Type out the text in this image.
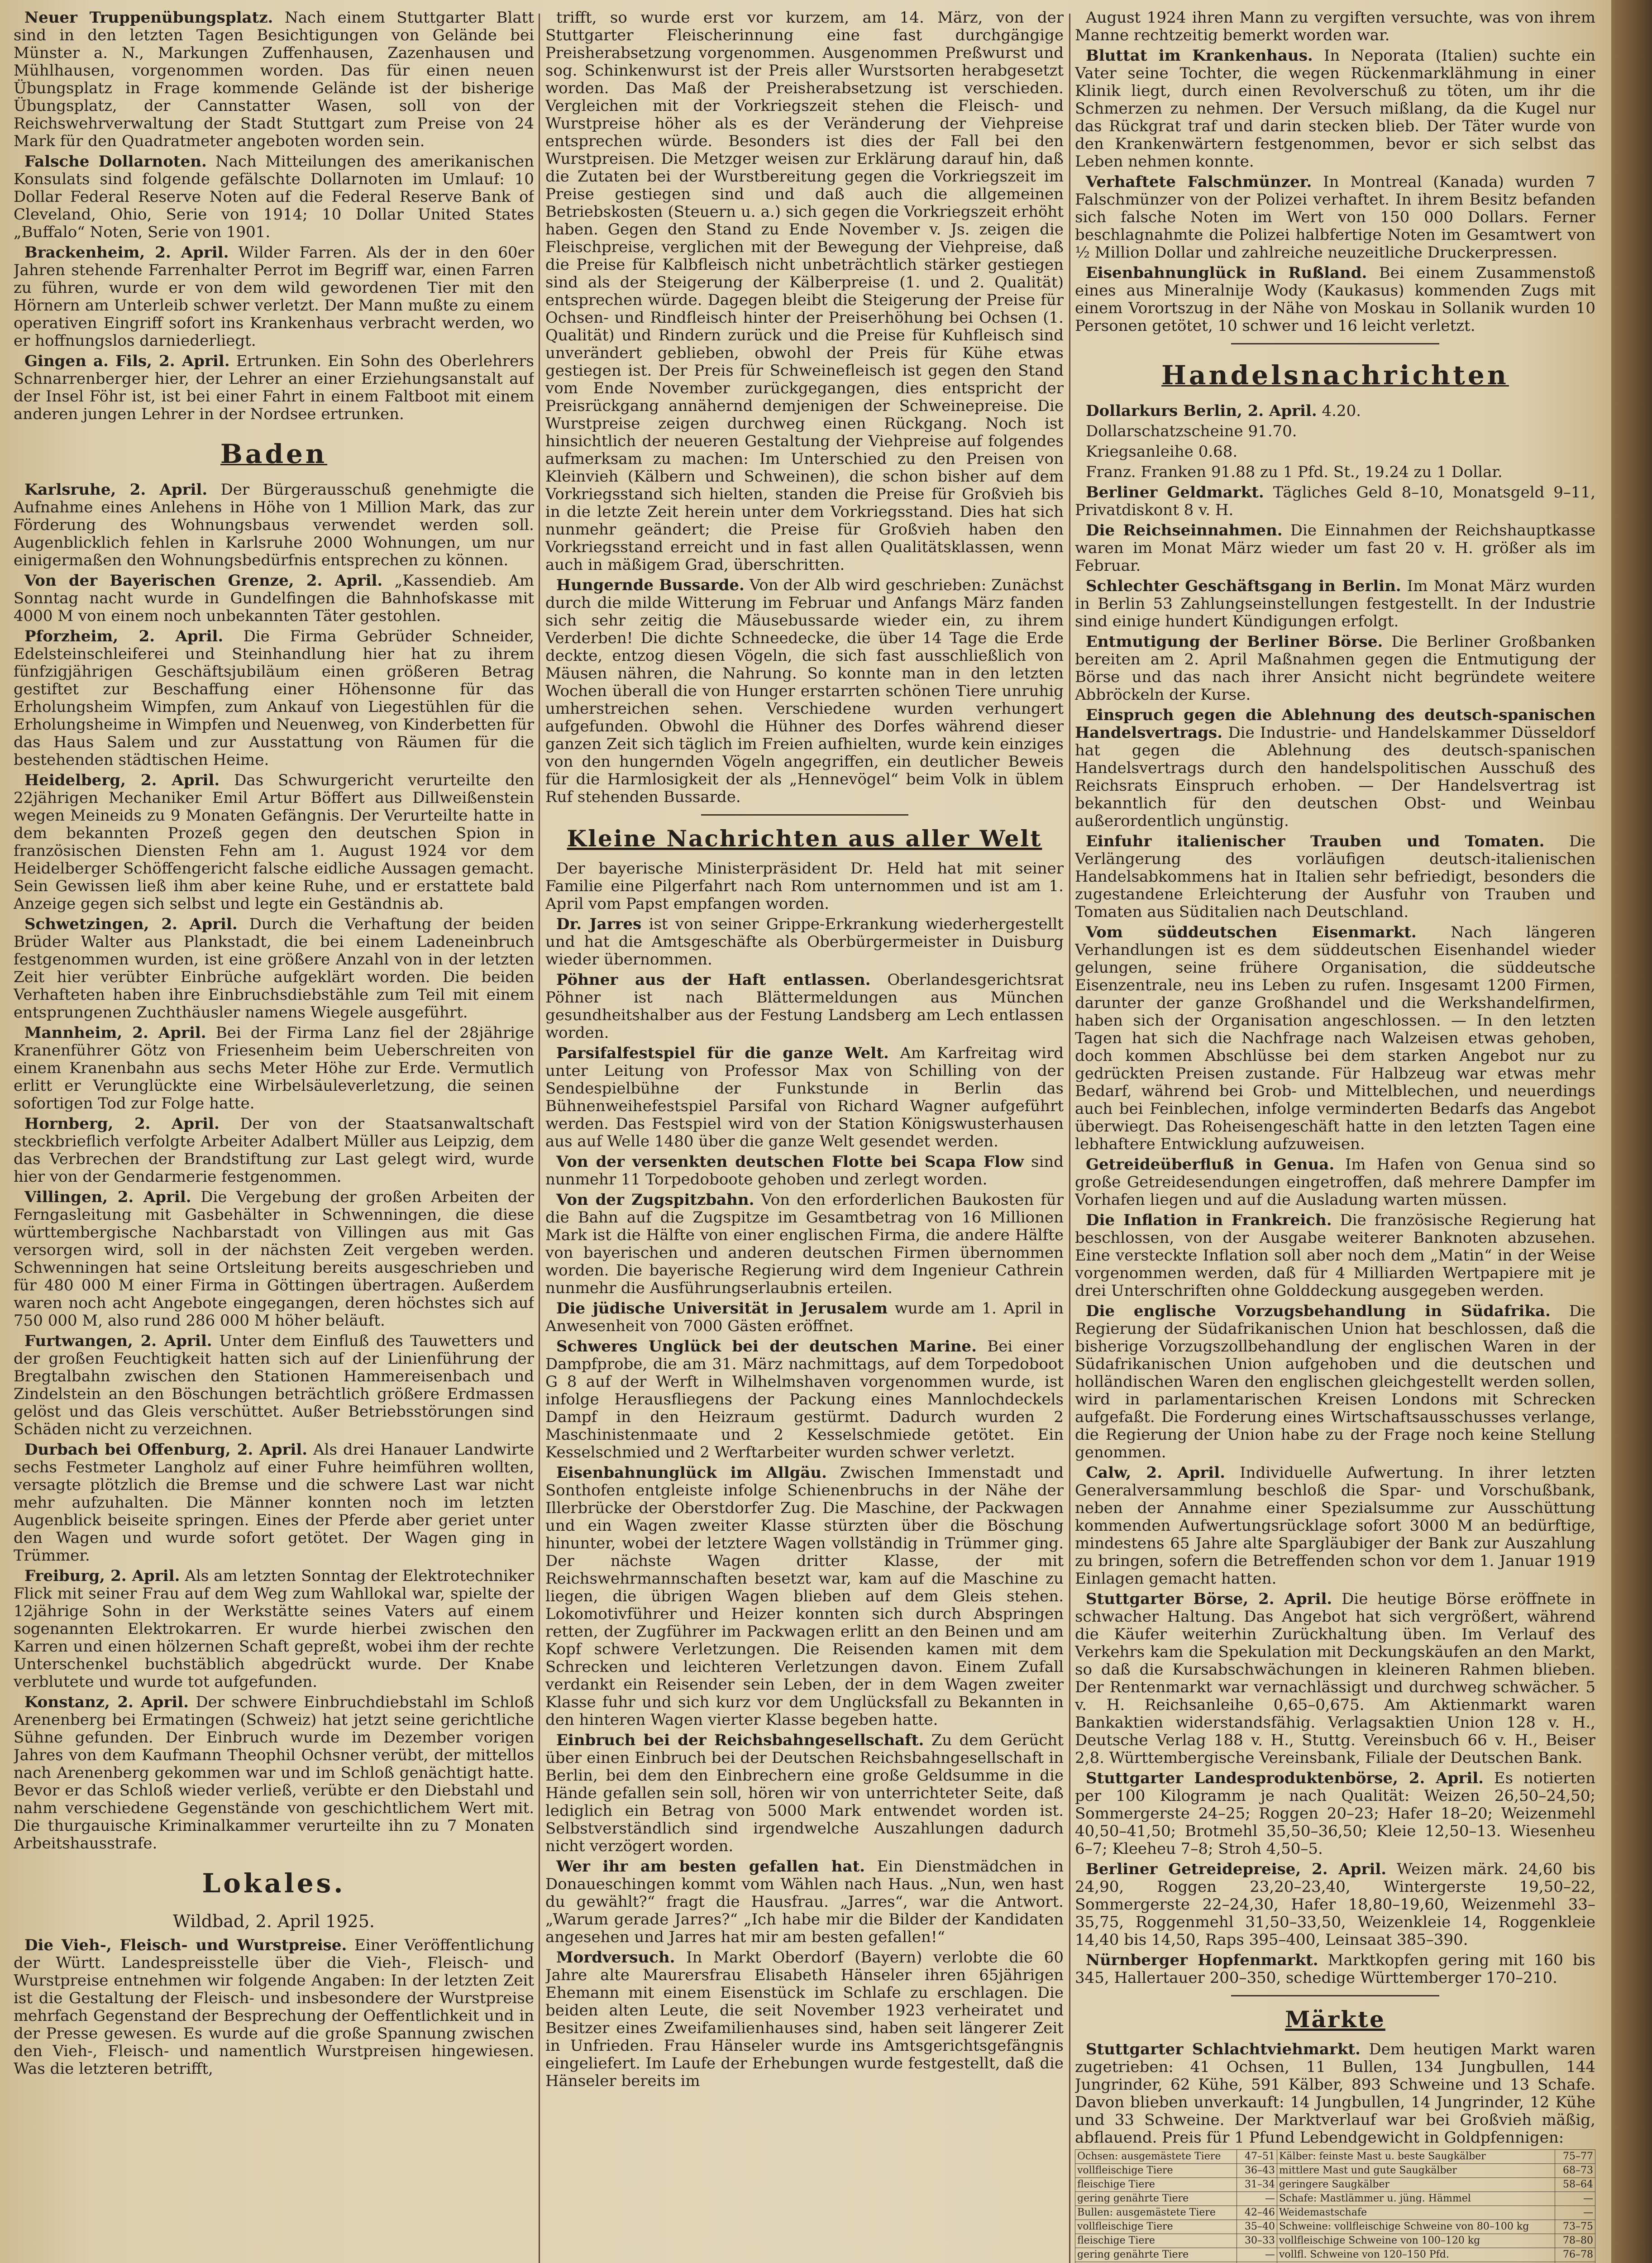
Neuer Truppenübungsplatz. Nach einem Stuttgarter Blatt sind in den letzten Tagen Besichtigungen von Gelände bei Münster a. N., Markungen Zuffenhausen, Zazenhausen und Mühlhausen, vorgenommen worden. Das für einen neuen Übungsplatz in Frage kommende Gelände ist der bisherige Übungsplatz, der Cannstatter Wasen, soll von der Reichswehrverwaltung der Stadt Stuttgart zum Preise von 24 Mark für den Quadratmeter angeboten worden sein.

Falsche Dollarnoten. Nach Mitteilungen des amerikanischen Konsulats sind folgende gefälschte Dollarnoten im Umlauf: 10 Dollar Federal Reserve Noten auf die Federal Reserve Bank of Cleveland, Ohio, Serie von 1914; 10 Dollar United States „Buffalo“ Noten, Serie von 1901.

Brackenheim, 2. April. Wilder Farren. Als der in den 60er Jahren stehende Farrenhalter Perrot im Begriff war, einen Farren zu führen, wurde er von dem wild gewordenen Tier mit den Hörnern am Unterleib schwer verletzt. Der Mann mußte zu einem operativen Eingriff sofort ins Krankenhaus verbracht werden, wo er hoffnungslos darniederliegt.

Gingen a. Fils, 2. April. Ertrunken. Ein Sohn des Oberlehrers Schnarrenberger hier, der Lehrer an einer Erziehungsanstalt auf der Insel Föhr ist, ist bei einer Fahrt in einem Faltboot mit einem anderen jungen Lehrer in der Nordsee ertrunken.

Baden

Karlsruhe, 2. April. Der Bürgerausschuß genehmigte die Aufnahme eines Anlehens in Höhe von 1 Million Mark, das zur Förderung des Wohnungsbaus verwendet werden soll. Augenblicklich fehlen in Karlsruhe 2000 Wohnungen, um nur einigermaßen den Wohnungsbedürfnis entsprechen zu können.

Von der Bayerischen Grenze, 2. April. „Kassendieb. Am Sonntag nacht wurde in Gundelfingen die Bahnhofskasse mit 4000 M von einem noch unbekannten Täter gestohlen.

Pforzheim, 2. April. Die Firma Gebrüder Schneider, Edelsteinschleiferei und Steinhandlung hier hat zu ihrem fünfzigjährigen Geschäftsjubiläum einen größeren Betrag gestiftet zur Beschaffung einer Höhensonne für das Erholungsheim Wimpfen, zum Ankauf von Liegestühlen für die Erholungsheime in Wimpfen und Neuenweg, von Kinderbetten für das Haus Salem und zur Ausstattung von Räumen für die bestehenden städtischen Heime.

Heidelberg, 2. April. Das Schwurgericht verurteilte den 22jährigen Mechaniker Emil Artur Böffert aus Dillweißenstein wegen Meineids zu 9 Monaten Gefängnis. Der Verurteilte hatte in dem bekannten Prozeß gegen den deutschen Spion in französischen Diensten Fehn am 1. August 1924 vor dem Heidelberger Schöffengericht falsche eidliche Aussagen gemacht. Sein Gewissen ließ ihm aber keine Ruhe, und er erstattete bald Anzeige gegen sich selbst und legte ein Geständnis ab.

Schwetzingen, 2. April. Durch die Verhaftung der beiden Brüder Walter aus Plankstadt, die bei einem Ladeneinbruch festgenommen wurden, ist eine größere Anzahl von in der letzten Zeit hier verübter Einbrüche aufgeklärt worden. Die beiden Verhafteten haben ihre Einbruchsdiebstähle zum Teil mit einem entsprungenen Zuchthäusler namens Wiegele ausgeführt.

Mannheim, 2. April. Bei der Firma Lanz fiel der 28jährige Kranenführer Götz von Friesenheim beim Ueberschreiten von einem Kranenbahn aus sechs Meter Höhe zur Erde. Vermutlich erlitt er Verunglückte eine Wirbelsäuleverletzung, die seinen sofortigen Tod zur Folge hatte.

Hornberg, 2. April. Der von der Staatsanwaltschaft steckbrieflich verfolgte Arbeiter Adalbert Müller aus Leipzig, dem das Verbrechen der Brandstiftung zur Last gelegt wird, wurde hier von der Gendarmerie festgenommen.

Villingen, 2. April. Die Vergebung der großen Arbeiten der Ferngasleitung mit Gasbehälter in Schwenningen, die diese württembergische Nachbarstadt von Villingen aus mit Gas versorgen wird, soll in der nächsten Zeit vergeben werden. Schwenningen hat seine Ortsleitung bereits ausgeschrieben und für 480 000 M einer Firma in Göttingen übertragen. Außerdem waren noch acht Angebote eingegangen, deren höchstes sich auf 750 000 M, also rund 286 000 M höher beläuft.

Furtwangen, 2. April. Unter dem Einfluß des Tauwetters und der großen Feuchtigkeit hatten sich auf der Linienführung der Bregtalbahn zwischen den Stationen Hammereisenbach und Zindelstein an den Böschungen beträchtlich größere Erdmassen gelöst und das Gleis verschüttet. Außer Betriebsstörungen sind Schäden nicht zu verzeichnen.

Durbach bei Offenburg, 2. April. Als drei Hanauer Landwirte sechs Festmeter Langholz auf einer Fuhre heimführen wollten, versagte plötzlich die Bremse und die schwere Last war nicht mehr aufzuhalten. Die Männer konnten noch im letzten Augenblick beiseite springen. Eines der Pferde aber geriet unter den Wagen und wurde sofort getötet. Der Wagen ging in Trümmer.

Freiburg, 2. April. Als am letzten Sonntag der Elektrotechniker Flick mit seiner Frau auf dem Weg zum Wahllokal war, spielte der 12jährige Sohn in der Werkstätte seines Vaters auf einem sogenannten Elektrokarren. Er wurde hierbei zwischen den Karren und einen hölzernen Schaft gepreßt, wobei ihm der rechte Unterschenkel buchstäblich abgedrückt wurde. Der Knabe verblutete und wurde tot aufgefunden.

Konstanz, 2. April. Der schwere Einbruchdiebstahl im Schloß Arenenberg bei Ermatingen (Schweiz) hat jetzt seine gerichtliche Sühne gefunden. Der Einbruch wurde im Dezember vorigen Jahres von dem Kaufmann Theophil Ochsner verübt, der mittellos nach Arenenberg gekommen war und im Schloß genächtigt hatte. Bevor er das Schloß wieder verließ, verübte er den Diebstahl und nahm verschiedene Gegenstände von geschichtlichem Wert mit. Die thurgauische Kriminalkammer verurteilte ihn zu 7 Monaten Arbeitshausstrafe.

Lokales.
Wildbad, 2. April 1925.

Die Vieh-, Fleisch- und Wurstpreise. Einer Veröffentlichung der Württ. Landespreisstelle über die Vieh-, Fleisch- und Wurstpreise entnehmen wir folgende Angaben: In der letzten Zeit ist die Gestaltung der Fleisch- und insbesondere der Wurstpreise mehrfach Gegenstand der Besprechung der Oeffentlichkeit und in der Presse gewesen. Es wurde auf die große Spannung zwischen den Vieh-, Fleisch- und namentlich Wurstpreisen hingewiesen. Was die letzteren betrifft,

trifft, so wurde erst vor kurzem, am 14. März, von der Stuttgarter Fleischerinnung eine fast durchgängige Preisherabsetzung vorgenommen. Ausgenommen Preßwurst und sog. Schinkenwurst ist der Preis aller Wurstsorten herabgesetzt worden. Das Maß der Preisherabsetzung ist verschieden. Vergleichen mit der Vorkriegszeit stehen die Fleisch- und Wurstpreise höher als es der Veränderung der Viehpreise entsprechen würde. Besonders ist dies der Fall bei den Wurstpreisen. Die Metzger weisen zur Erklärung darauf hin, daß die Zutaten bei der Wurstbereitung gegen die Vorkriegszeit im Preise gestiegen sind und daß auch die allgemeinen Betriebskosten (Steuern u. a.) sich gegen die Vorkriegszeit erhöht haben. Gegen den Stand zu Ende November v. Js. zeigen die Fleischpreise, verglichen mit der Bewegung der Viehpreise, daß die Preise für Kalbfleisch nicht unbeträchtlich stärker gestiegen sind als der Steigerung der Kälberpreise (1. und 2. Qualität) entsprechen würde. Dagegen bleibt die Steigerung der Preise für Ochsen- und Rindfleisch hinter der Preiserhöhung bei Ochsen (1. Qualität) und Rindern zurück und die Preise für Kuhfleisch sind unverändert geblieben, obwohl der Preis für Kühe etwas gestiegen ist. Der Preis für Schweinefleisch ist gegen den Stand vom Ende November zurückgegangen, dies entspricht der Preisrückgang annähernd demjenigen der Schweinepreise. Die Wurstpreise zeigen durchweg einen Rückgang. Noch ist hinsichtlich der neueren Gestaltung der Viehpreise auf folgendes aufmerksam zu machen: Im Unterschied zu den Preisen von Kleinvieh (Kälbern und Schweinen), die schon bisher auf dem Vorkriegsstand sich hielten, standen die Preise für Großvieh bis in die letzte Zeit herein unter dem Vorkriegsstand. Dies hat sich nunmehr geändert; die Preise für Großvieh haben den Vorkriegsstand erreicht und in fast allen Qualitätsklassen, wenn auch in mäßigem Grad, überschritten.

Hungernde Bussarde. Von der Alb wird geschrieben: Zunächst durch die milde Witterung im Februar und Anfangs März fanden sich sehr zeitig die Mäusebussarde wieder ein, zu ihrem Verderben! Die dichte Schneedecke, die über 14 Tage die Erde deckte, entzog diesen Vögeln, die sich fast ausschließlich von Mäusen nähren, die Nahrung. So konnte man in den letzten Wochen überall die von Hunger erstarrten schönen Tiere unruhig umherstreichen sehen. Verschiedene wurden verhungert aufgefunden. Obwohl die Hühner des Dorfes während dieser ganzen Zeit sich täglich im Freien aufhielten, wurde kein einziges von den hungernden Vögeln angegriffen, ein deutlicher Beweis für die Harmlosigkeit der als „Hennevögel“ beim Volk in üblem Ruf stehenden Bussarde.

Kleine Nachrichten aus aller Welt

Der bayerische Ministerpräsident Dr. Held hat mit seiner Familie eine Pilgerfahrt nach Rom unternommen und ist am 1. April vom Papst empfangen worden.

Dr. Jarres ist von seiner Grippe-Erkrankung wiederhergestellt und hat die Amtsgeschäfte als Oberbürgermeister in Duisburg wieder übernommen.

Pöhner aus der Haft entlassen. Oberlandesgerichtsrat Pöhner ist nach Blättermeldungen aus München gesundheitshalber aus der Festung Landsberg am Lech entlassen worden.

Parsifalfestspiel für die ganze Welt. Am Karfreitag wird unter Leitung von Professor Max von Schilling von der Sendespielbühne der Funkstunde in Berlin das Bühnenweihefestspiel Parsifal von Richard Wagner aufgeführt werden. Das Festspiel wird von der Station Königswusterhausen aus auf Welle 1480 über die ganze Welt gesendet werden.

Von der versenkten deutschen Flotte bei Scapa Flow sind nunmehr 11 Torpedoboote gehoben und zerlegt worden.

Von der Zugspitzbahn. Von den erforderlichen Baukosten für die Bahn auf die Zugspitze im Gesamtbetrag von 16 Millionen Mark ist die Hälfte von einer englischen Firma, die andere Hälfte von bayerischen und anderen deutschen Firmen übernommen worden. Die bayerische Regierung wird dem Ingenieur Cathrein nunmehr die Ausführungserlaubnis erteilen.

Die jüdische Universität in Jerusalem wurde am 1. April in Anwesenheit von 7000 Gästen eröffnet.

Schweres Unglück bei der deutschen Marine. Bei einer Dampfprobe, die am 31. März nachmittags, auf dem Torpedoboot G 8 auf der Werft in Wilhelmshaven vorgenommen wurde, ist infolge Herausfliegens der Packung eines Mannlochdeckels Dampf in den Heizraum gestürmt. Dadurch wurden 2 Maschinistenmaate und 2 Kesselschmiede getötet. Ein Kesselschmied und 2 Werftarbeiter wurden schwer verletzt.

Eisenbahnunglück im Allgäu. Zwischen Immenstadt und Sonthofen entgleiste infolge Schienenbruchs in der Nähe der Illerbrücke der Oberstdorfer Zug. Die Maschine, der Packwagen und ein Wagen zweiter Klasse stürzten über die Böschung hinunter, wobei der letztere Wagen vollständig in Trümmer ging. Der nächste Wagen dritter Klasse, der mit Reichswehrmannschaften besetzt war, kam auf die Maschine zu liegen, die übrigen Wagen blieben auf dem Gleis stehen. Lokomotivführer und Heizer konnten sich durch Abspringen retten, der Zugführer im Packwagen erlitt an den Beinen und am Kopf schwere Verletzungen. Die Reisenden kamen mit dem Schrecken und leichteren Verletzungen davon. Einem Zufall verdankt ein Reisender sein Leben, der in dem Wagen zweiter Klasse fuhr und sich kurz vor dem Unglücksfall zu Bekannten in den hinteren Wagen vierter Klasse begeben hatte.

Einbruch bei der Reichsbahngesellschaft. Zu dem Gerücht über einen Einbruch bei der Deutschen Reichsbahngesellschaft in Berlin, bei dem den Einbrechern eine große Geldsumme in die Hände gefallen sein soll, hören wir von unterrichteter Seite, daß lediglich ein Betrag von 5000 Mark entwendet worden ist. Selbstverständlich sind irgendwelche Auszahlungen dadurch nicht verzögert worden.

Wer ihr am besten gefallen hat. Ein Dienstmädchen in Donaueschingen kommt vom Wählen nach Haus. „Nun, wen hast du gewählt?“ fragt die Hausfrau. „Jarres“, war die Antwort. „Warum gerade Jarres?“ „Ich habe mir die Bilder der Kandidaten angesehen und Jarres hat mir am besten gefallen!“

Mordversuch. In Markt Oberdorf (Bayern) verlobte die 60 Jahre alte Maurersfrau Elisabeth Hänseler ihren 65jährigen Ehemann mit einem Eisenstück im Schlafe zu erschlagen. Die beiden alten Leute, die seit November 1923 verheiratet und Besitzer eines Zweifamilienhauses sind, haben seit längerer Zeit in Unfrieden. Frau Hänseler wurde ins Amtsgerichtsgefängnis eingeliefert. Im Laufe der Erhebungen wurde festgestellt, daß die Hänseler bereits im

August 1924 ihren Mann zu vergiften versuchte, was von ihrem Manne rechtzeitig bemerkt worden war.

Bluttat im Krankenhaus. In Neporata (Italien) suchte ein Vater seine Tochter, die wegen Rückenmarklähmung in einer Klinik liegt, durch einen Revolverschuß zu töten, um ihr die Schmerzen zu nehmen. Der Versuch mißlang, da die Kugel nur das Rückgrat traf und darin stecken blieb. Der Täter wurde von den Krankenwärtern festgenommen, bevor er sich selbst das Leben nehmen konnte.

Verhaftete Falschmünzer. In Montreal (Kanada) wurden 7 Falschmünzer von der Polizei verhaftet. In ihrem Besitz befanden sich falsche Noten im Wert von 150 000 Dollars. Ferner beschlagnahmte die Polizei halbfertige Noten im Gesamtwert von ½ Million Dollar und zahlreiche neuzeitliche Druckerpressen.

Eisenbahnunglück in Rußland. Bei einem Zusammenstoß eines aus Mineralnije Wody (Kaukasus) kommenden Zugs mit einem Vorortszug in der Nähe von Moskau in Sollanik wurden 10 Personen getötet, 10 schwer und 16 leicht verletzt.

Handelsnachrichten

Dollarkurs Berlin, 2. April. 4.20.

Dollarschatzscheine 91.70.

Kriegsanleihe 0.68.

Franz. Franken 91.88 zu 1 Pfd. St., 19.24 zu 1 Dollar.

Berliner Geldmarkt. Tägliches Geld 8–10, Monatsgeld 9–11, Privatdiskont 8 v. H.

Die Reichseinnahmen. Die Einnahmen der Reichshauptkasse waren im Monat März wieder um fast 20 v. H. größer als im Februar.

Schlechter Geschäftsgang in Berlin. Im Monat März wurden in Berlin 53 Zahlungseinstellungen festgestellt. In der Industrie sind einige hundert Kündigungen erfolgt.

Entmutigung der Berliner Börse. Die Berliner Großbanken bereiten am 2. April Maßnahmen gegen die Entmutigung der Börse und das nach ihrer Ansicht nicht begründete weitere Abbröckeln der Kurse.

Einspruch gegen die Ablehnung des deutsch-spanischen Handelsvertrags. Die Industrie- und Handelskammer Düsseldorf hat gegen die Ablehnung des deutsch-spanischen Handelsvertrags durch den handelspolitischen Ausschuß des Reichsrats Einspruch erhoben. — Der Handelsvertrag ist bekanntlich für den deutschen Obst- und Weinbau außerordentlich ungünstig.

Einfuhr italienischer Trauben und Tomaten. Die Verlängerung des vorläufigen deutsch-italienischen Handelsabkommens hat in Italien sehr befriedigt, besonders die zugestandene Erleichterung der Ausfuhr von Trauben und Tomaten aus Süditalien nach Deutschland.

Vom süddeutschen Eisenmarkt. Nach längeren Verhandlungen ist es dem süddeutschen Eisenhandel wieder gelungen, seine frühere Organisation, die süddeutsche Eisenzentrale, neu ins Leben zu rufen. Insgesamt 1200 Firmen, darunter der ganze Großhandel und die Werkshandelfirmen, haben sich der Organisation angeschlossen. — In den letzten Tagen hat sich die Nachfrage nach Walzeisen etwas gehoben, doch kommen Abschlüsse bei dem starken Angebot nur zu gedrückten Preisen zustande. Für Halbzeug war etwas mehr Bedarf, während bei Grob- und Mittelblechen, und neuerdings auch bei Feinblechen, infolge verminderten Bedarfs das Angebot überwiegt. Das Roheisengeschäft hatte in den letzten Tagen eine lebhaftere Entwicklung aufzuweisen.

Getreideüberfluß in Genua. Im Hafen von Genua sind so große Getreidesendungen eingetroffen, daß mehrere Dampfer im Vorhafen liegen und auf die Ausladung warten müssen.

Die Inflation in Frankreich. Die französische Regierung hat beschlossen, von der Ausgabe weiterer Banknoten abzusehen. Eine versteckte Inflation soll aber noch dem „Matin“ in der Weise vorgenommen werden, daß für 4 Milliarden Wertpapiere mit je drei Unterschriften ohne Golddeckung ausgegeben werden.

Die englische Vorzugsbehandlung in Südafrika. Die Regierung der Südafrikanischen Union hat beschlossen, daß die bisherige Vorzugszollbehandlung der englischen Waren in der Südafrikanischen Union aufgehoben und die deutschen und holländischen Waren den englischen gleichgestellt werden sollen, wird in parlamentarischen Kreisen Londons mit Schrecken aufgefaßt. Die Forderung eines Wirtschaftsausschusses verlange, die Regierung der Union habe zu der Frage noch keine Stellung genommen.

Calw, 2. April. Individuelle Aufwertung. In ihrer letzten Generalversammlung beschloß die Spar- und Vorschußbank, neben der Annahme einer Spezialsumme zur Ausschüttung kommenden Aufwertungsrücklage sofort 3000 M an bedürftige, mindestens 65 Jahre alte Spargläubiger der Bank zur Auszahlung zu bringen, sofern die Betreffenden schon vor dem 1. Januar 1919 Einlagen gemacht hatten.

Stuttgarter Börse, 2. April. Die heutige Börse eröffnete in schwacher Haltung. Das Angebot hat sich vergrößert, während die Käufer weiterhin Zurückhaltung üben. Im Verlauf des Verkehrs kam die Spekulation mit Deckungskäufen an den Markt, so daß die Kursabschwächungen in kleineren Rahmen blieben. Der Rentenmarkt war vernachlässigt und durchweg schwächer. 5 v. H. Reichsanleihe 0,65–0,675. Am Aktienmarkt waren Bankaktien widerstandsfähig. Verlagsaktien Union 128 v. H., Deutsche Verlag 188 v. H., Stuttg. Vereinsbuch 66 v. H., Beiser 2,8. Württembergische Vereinsbank, Filiale der Deutschen Bank.

Stuttgarter Landesproduktenbörse, 2. April. Es notierten per 100 Kilogramm je nach Qualität: Weizen 26,50–24,50; Sommergerste 24–25; Roggen 20–23; Hafer 18–20; Weizenmehl 40,50–41,50; Brotmehl 35,50–36,50; Kleie 12,50–13. Wiesenheu 6–7; Kleeheu 7–8; Stroh 4,50–5.

Berliner Getreidepreise, 2. April. Weizen märk. 24,60 bis 24,90, Roggen 23,20–23,40, Wintergerste 19,50–22, Sommergerste 22–24,30, Hafer 18,80–19,60, Weizenmehl 33–35,75, Roggenmehl 31,50–33,50, Weizenkleie 14, Roggenkleie 14,40 bis 14,50, Raps 395–400, Leinsaat 385–390.

Nürnberger Hopfenmarkt. Marktkopfen gering mit 160 bis 345, Hallertauer 200–350, schedige Württemberger 170–210.

Märkte

Stuttgarter Schlachtviehmarkt. Dem heutigen Markt waren zugetrieben: 41 Ochsen, 11 Bullen, 134 Jungbullen, 144 Jungrinder, 62 Kühe, 591 Kälber, 893 Schweine und 13 Schafe. Davon blieben unverkauft: 14 Jungbullen, 14 Jungrinder, 12 Kühe und 33 Schweine. Der Marktverlauf war bei Großvieh mäßig, abflauend. Preis für 1 Pfund Lebendgewicht in Goldpfennigen:

Ochsen: ausgemästete Tiere	47–51	Kälber: feinste Mast u. beste Saugkälber	75–77
vollfleischige Tiere	36–43	mittlere Mast und gute Saugkälber	68–73
fleischige Tiere	31–34	geringere Saugkälber	58–64
gering genährte Tiere	—	Schafe: Mastlämmer u. jüng. Hämmel	—
Bullen: ausgemästete Tiere	42–46	Weidemastschafe	—
vollfleischige Tiere	35–40	Schweine: vollfleischige Schweine von 80–100 kg	73–75
fleischige Tiere	30–33	vollfleischige Schweine von 100–120 kg	78–80
gering genährte Tiere	—	vollfl. Schweine von 120–150 Pfd.	76–78
